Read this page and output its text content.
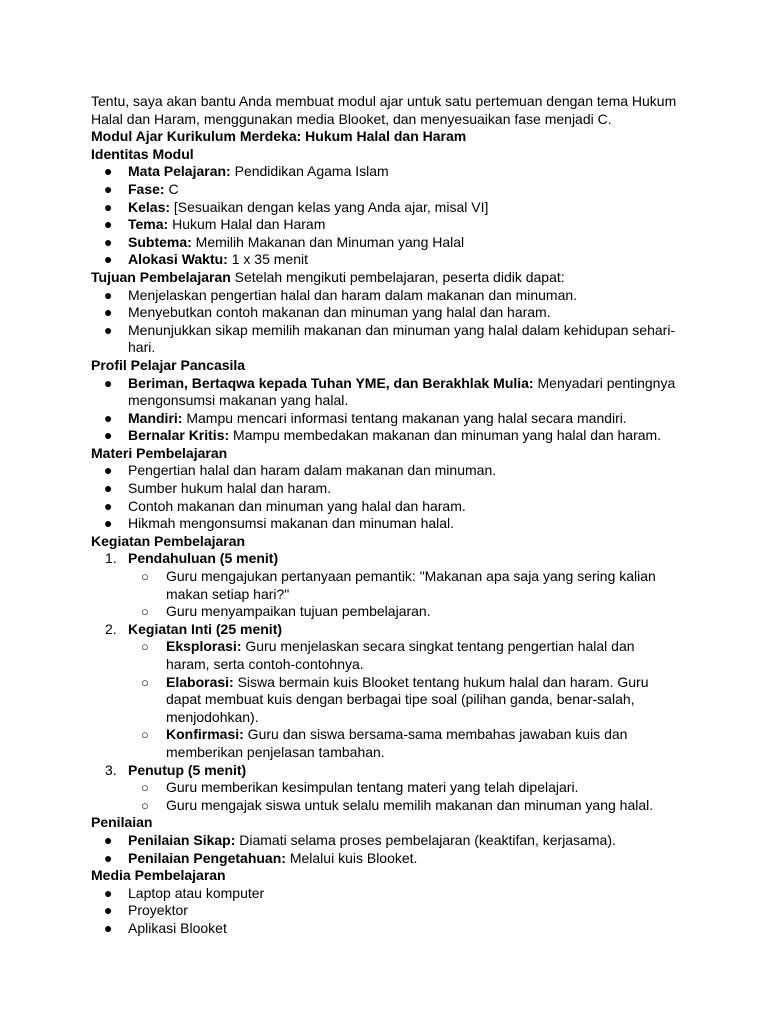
Tentu, saya akan bantu Anda membuat modul ajar untuk satu pertemuan dengan tema Hukum Halal dan Haram, menggunakan media Blooket, dan menyesuaikan fase menjadi C.

Modul Ajar Kurikulum Merdeka: Hukum Halal dan Haram

Identitas Modul

● Mata Pelajaran: Pendidikan Agama Islam
● Fase: C
● Kelas: [Sesuaikan dengan kelas yang Anda ajar, misal VI]
● Tema: Hukum Halal dan Haram
● Subtema: Memilih Makanan dan Minuman yang Halal
● Alokasi Waktu: 1 x 35 menit

Tujuan Pembelajaran Setelah mengikuti pembelajaran, peserta didik dapat:

● Menjelaskan pengertian halal dan haram dalam makanan dan minuman.
● Menyebutkan contoh makanan dan minuman yang halal dan haram.
● Menunjukkan sikap memilih makanan dan minuman yang halal dalam kehidupan sehari-hari.

Profil Pelajar Pancasila

● Beriman, Bertaqwa kepada Tuhan YME, dan Berakhlak Mulia: Menyadari pentingnya mengonsumsi makanan yang halal.
● Mandiri: Mampu mencari informasi tentang makanan yang halal secara mandiri.
● Bernalar Kritis: Mampu membedakan makanan dan minuman yang halal dan haram.

Materi Pembelajaran

● Pengertian halal dan haram dalam makanan dan minuman.
● Sumber hukum halal dan haram.
● Contoh makanan dan minuman yang halal dan haram.
● Hikmah mengonsumsi makanan dan minuman halal.

Kegiatan Pembelajaran

1. Pendahuluan (5 menit)
○ Guru mengajukan pertanyaan pemantik: "Makanan apa saja yang sering kalian makan setiap hari?"
○ Guru menyampaikan tujuan pembelajaran.
2. Kegiatan Inti (25 menit)
○ Eksplorasi: Guru menjelaskan secara singkat tentang pengertian halal dan haram, serta contoh-contohnya.
○ Elaborasi: Siswa bermain kuis Blooket tentang hukum halal dan haram. Guru dapat membuat kuis dengan berbagai tipe soal (pilihan ganda, benar-salah, menjodohkan).
○ Konfirmasi: Guru dan siswa bersama-sama membahas jawaban kuis dan memberikan penjelasan tambahan.
3. Penutup (5 menit)
○ Guru memberikan kesimpulan tentang materi yang telah dipelajari.
○ Guru mengajak siswa untuk selalu memilih makanan dan minuman yang halal.

Penilaian

● Penilaian Sikap: Diamati selama proses pembelajaran (keaktifan, kerjasama).
● Penilaian Pengetahuan: Melalui kuis Blooket.

Media Pembelajaran

● Laptop atau komputer
● Proyektor
● Aplikasi Blooket
